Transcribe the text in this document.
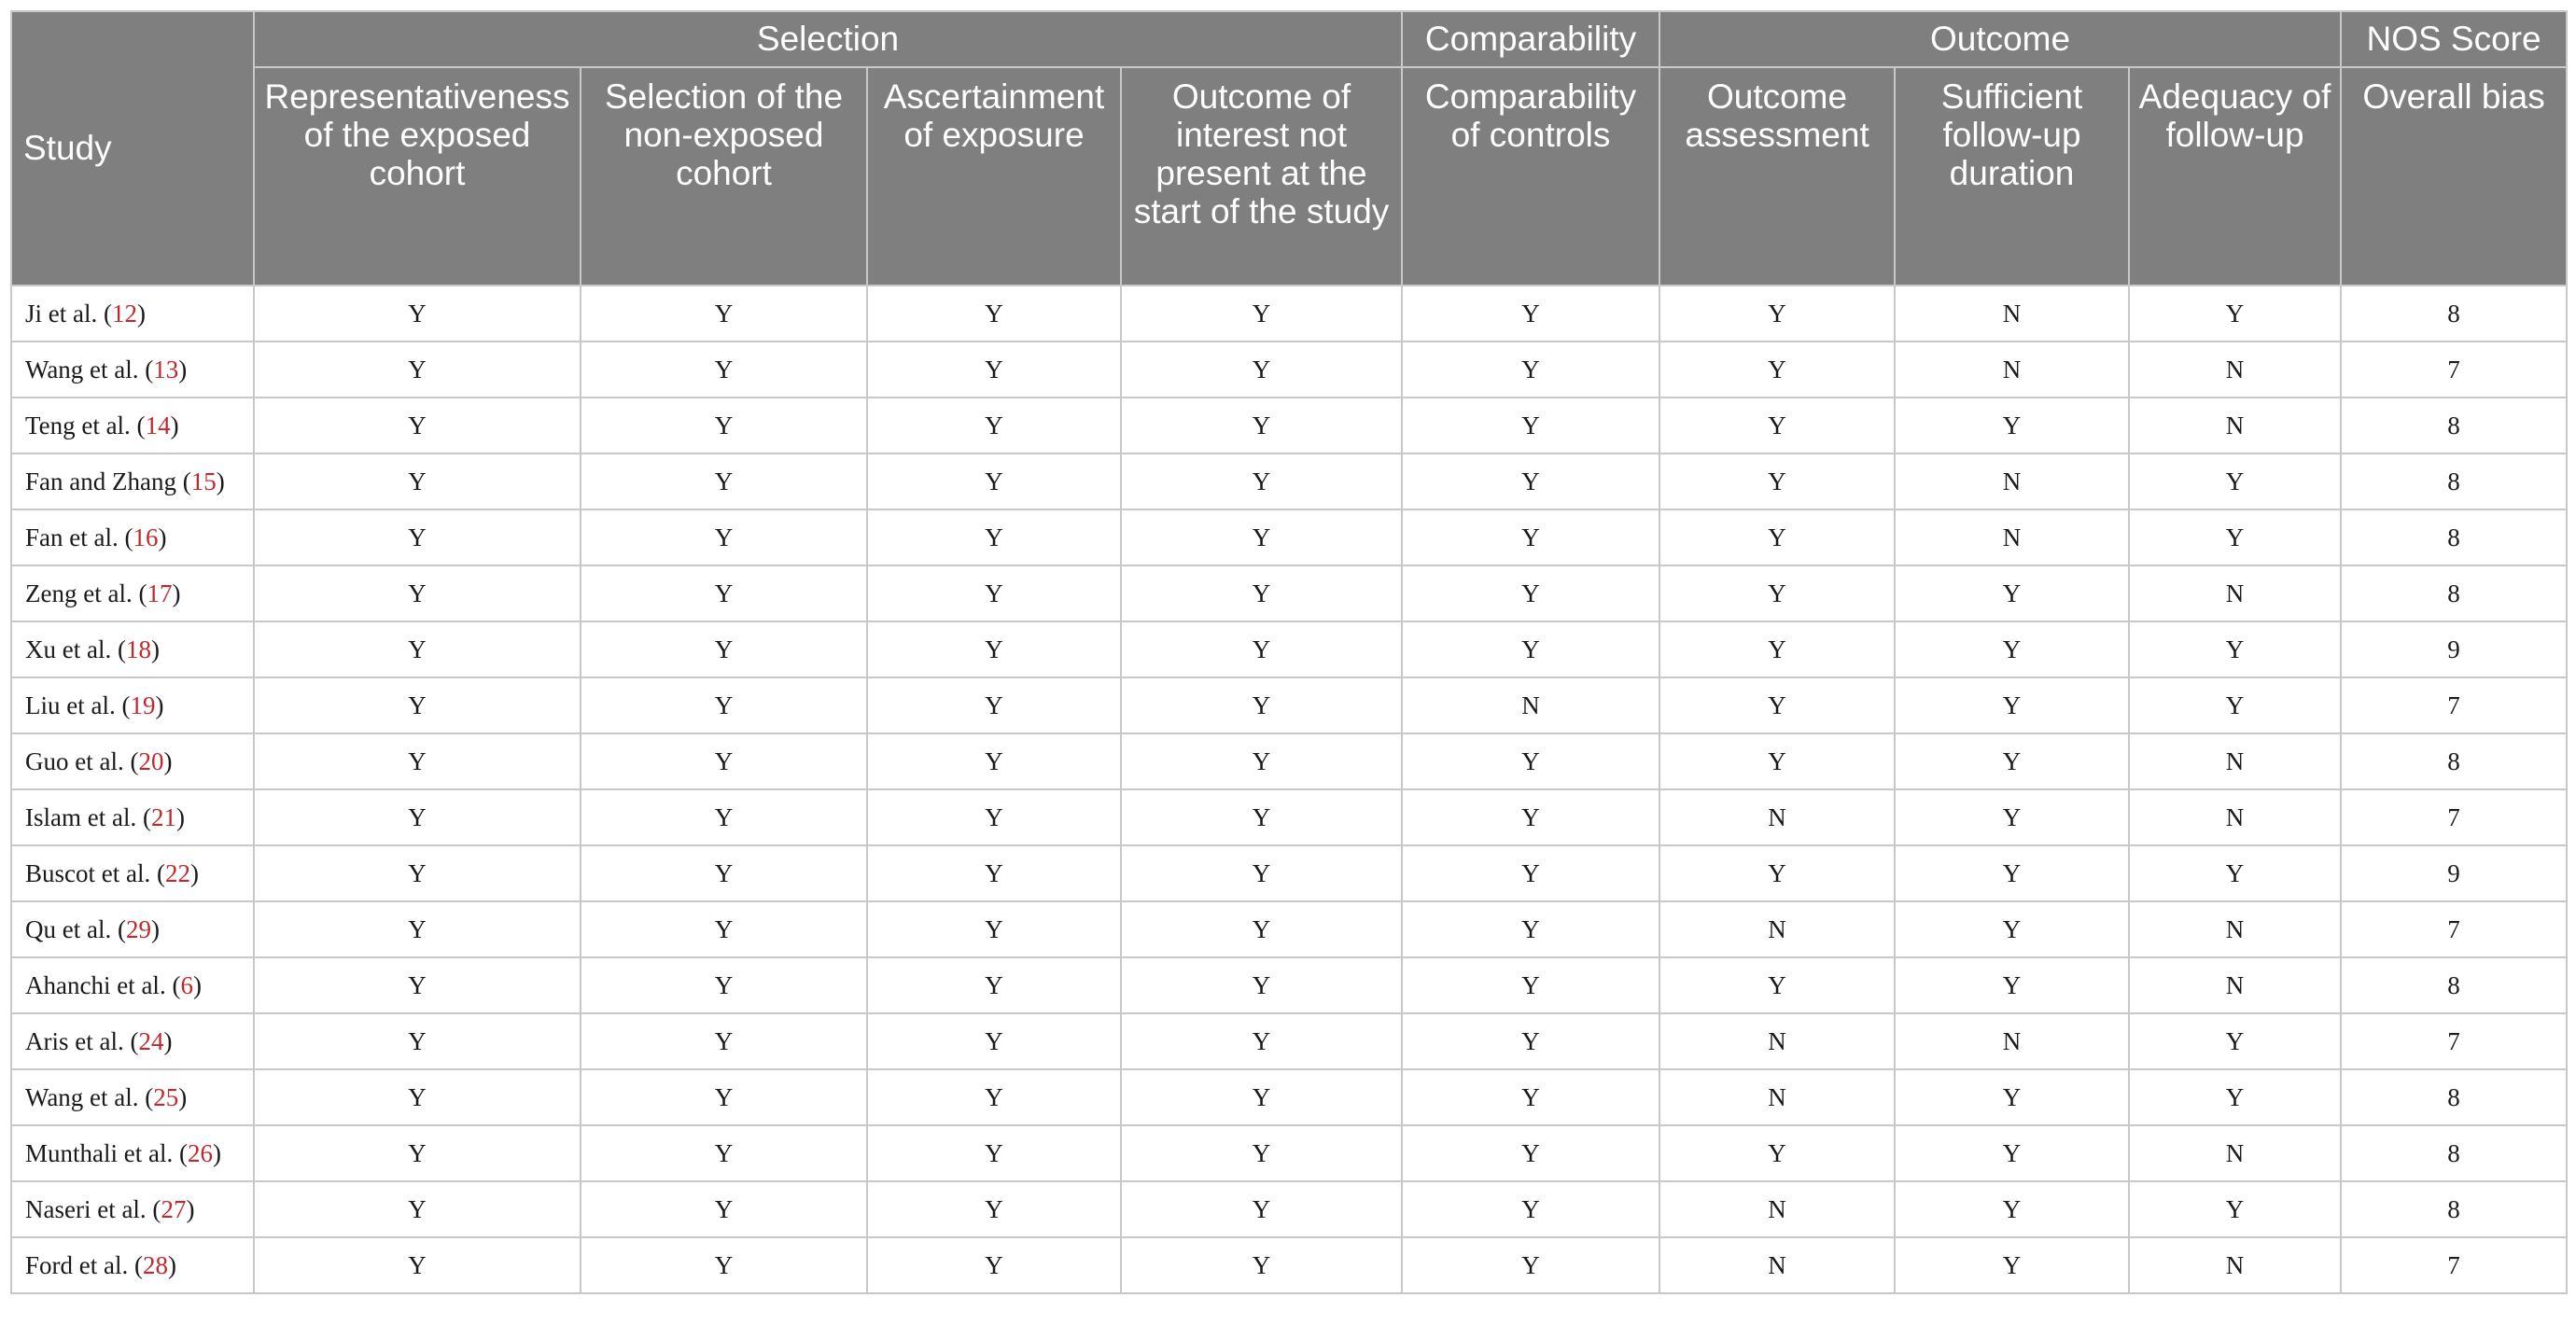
Study	Selection				Comparability	Outcome			NOS Score
	Representativeness of the exposed cohort	Selection of the non-exposed cohort	Ascertainment of exposure	Outcome of interest not present at the start of the study	Comparability of controls	Outcome assessment	Sufficient follow-up duration	Adequacy of follow-up	Overall bias
Ji et al. (12)	Y	Y	Y	Y	Y	Y	N	Y	8
Wang et al. (13)	Y	Y	Y	Y	Y	Y	N	N	7
Teng et al. (14)	Y	Y	Y	Y	Y	Y	Y	N	8
Fan and Zhang (15)	Y	Y	Y	Y	Y	Y	N	Y	8
Fan et al. (16)	Y	Y	Y	Y	Y	Y	N	Y	8
Zeng et al. (17)	Y	Y	Y	Y	Y	Y	Y	N	8
Xu et al. (18)	Y	Y	Y	Y	Y	Y	Y	Y	9
Liu et al. (19)	Y	Y	Y	Y	N	Y	Y	Y	7
Guo et al. (20)	Y	Y	Y	Y	Y	Y	Y	N	8
Islam et al. (21)	Y	Y	Y	Y	Y	N	Y	N	7
Buscot et al. (22)	Y	Y	Y	Y	Y	Y	Y	Y	9
Qu et al. (29)	Y	Y	Y	Y	Y	N	Y	N	7
Ahanchi et al. (6)	Y	Y	Y	Y	Y	Y	Y	N	8
Aris et al. (24)	Y	Y	Y	Y	Y	N	N	Y	7
Wang et al. (25)	Y	Y	Y	Y	Y	N	Y	Y	8
Munthali et al. (26)	Y	Y	Y	Y	Y	Y	Y	N	8
Naseri et al. (27)	Y	Y	Y	Y	Y	N	Y	Y	8
Ford et al. (28)	Y	Y	Y	Y	Y	N	Y	N	7
